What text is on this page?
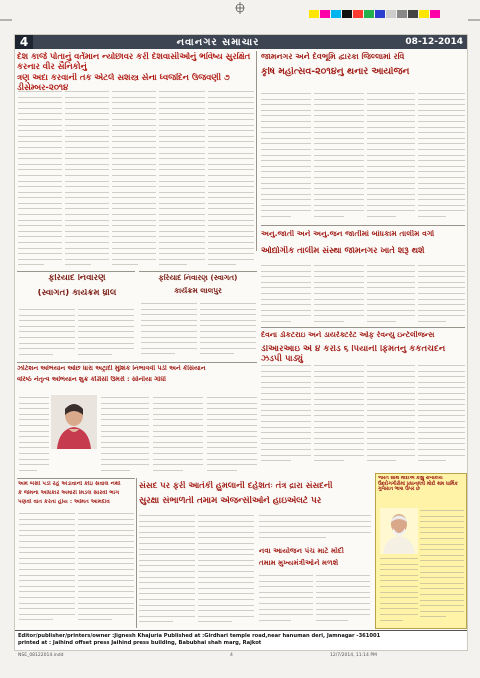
4	નવાનગર સમાચાર	08-12-2014
દેશ કાજે પોતાનું વર્તમાન ન્યોછાવર કરી દેશવાસીઓનું ભવિષ્ય સુરક્ષિત કરનાર વીર સૈનિકોનું
ત્રણ અદા કરવાની તક એટલે સશસ્ત્ર સેના ધ્વજદિન ઉજવણી ૭ ડીસેમ્બર-૨૦૧૪
જામનગર અને દેવભૂમિ દ્વારકા જિલ્લામાં રવિ
કૃષિ મહોત્સવ-૨૦૧૪નું થનાર આયોજન
ફરિયાદ નિવારણ
(સ્વાગત) કાર્યક્રમ ધ્રોલ
ફરિયાદ નિવારણ (સ્વાગત)
કાર્યક્રમ લાલપુર
અનુ.જાતી અને અનુ.જન જાતીમાં બાંધકામ તાલીમ વર્ગો
ઓદ્યોગીક તાલીમ સંસ્થા જામનગર ખાતે શરૂ થશે
દેવના ડોકટરાઇ અને ડાયરેક્ટરેટ ઓફ રેવન્યુ ઇન્ટેલીજન્સ
ડીઆરઆઇ એ ૪ કરોડ ૬ પિયાની ફિંમતનું કકતચંદન ઝડપી પાડ્યું
ઝોટેશન અભિયાન ઓછ ધારા અટ્રાદી મુશિક નિભાવવી પડી અને કેસિયાન
વરિષ્ઠ નેતૃત્વ અભિયાન શુક્ર કોંગ્રેસી ઉંમરો : સોનીયા ગાંધી
અમે બેસી પડી રહે એડાવાનો કોઇ સવાલ નથી
કે જેમના અધિકાર અમારી મિડલ સારવી ભાગ
પણવી વાત કરતા હોય : અમિત આમદાવ
સંસદ પર ફરી આતંકી હુમલાની દહેશતઃ તંત્ર દ્રારા સંસદની
સુરક્ષા સંભાળતી તમામ એજન્સીઓને હાઇએલર્ટ પર
નવા આયોજન પંચ માટે મોદી
તમામ મુખ્યમંત્રીઓને મળશે
ભારત સાથે મોદીએ કહ્યું રાજકીય ઉદ્દોગગીરીમાં પ્રધાનમંત્રી મોદી થમ ધાર્મિક ગુજરાત ભાષા ઉપર છે
Editor/publisher/printers/owner :Jignesh Khajuria Published at :Girdhari temple road,near hanuman deri, Jamnagar -361001
printed at : Jaihind offset press Jaihind press building, Babubhai shah marg, Rajkot
NSE_08122014.indd	4	12/7/2014, 11:14 PM
